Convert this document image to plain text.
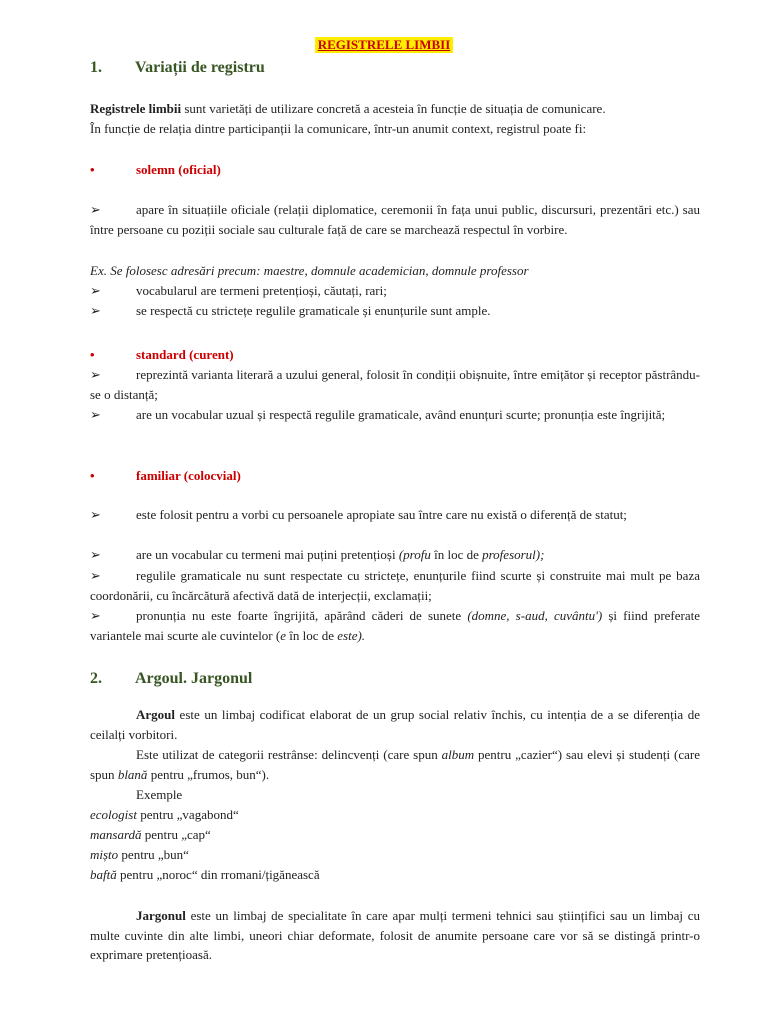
REGISTRELE LIMBII
1. Variații de registru
Registrele limbii sunt varietăți de utilizare concretă a acesteia în funcție de situația de comunicare.
În funcție de relația dintre participanții la comunicare, într-un anumit context, registrul poate fi:
•	solemn (oficial)
➢	apare în situațiile oficiale (relații diplomatice, ceremonii în fața unui public, discursuri, prezentări etc.) sau între persoane cu poziții sociale sau culturale față de care se marchează respectul în vorbire.
Ex. Se folosesc adresări precum: maestre, domnule academician, domnule professor
➢	vocabularul are termeni pretențioși, căutați, rari;
➢	se respectă cu strictețe regulile gramaticale și enunțurile sunt ample.
•	standard (curent)
➢	reprezintă varianta literară a uzului general, folosit în condiții obișnuite, între emițător și receptor păstrându-se o distanță;
➢	are un vocabular uzual și respectă regulile gramaticale, având enunțuri scurte; pronunția este îngrijită;
•	familiar (colocvial)
➢	este folosit pentru a vorbi cu persoanele apropiate sau între care nu există o diferență de statut;
➢	are un vocabular cu termeni mai puțini pretențioși (profu în loc de profesorul);
➢	regulile gramaticale nu sunt respectate cu strictețe, enunțurile fiind scurte și construite mai mult pe baza coordonării, cu încărcătură afectivă dată de interjecții, exclamații;
➢	pronunția nu este foarte îngrijită, apărând căderi de sunete (domne, s-aud, cuvântu') și fiind preferate variantele mai scurte ale cuvintelor (e în loc de este).
2. Argoul. Jargonul
Argoul este un limbaj codificat elaborat de un grup social relativ închis, cu intenția de a se diferenția de ceilalți vorbitori.
Este utilizat de categorii restrânse: delincvenți (care spun album pentru „cazier“) sau elevi și studenți (care spun blană pentru „frumos, bun“).
Exemple
ecologist pentru „vagabond“
mansardă pentru „cap“
mișto pentru „bun“
baftă pentru „noroc“ din rromani/țigănească
Jargonul este un limbaj de specialitate în care apar mulți termeni tehnici sau științifici sau un limbaj cu multe cuvinte din alte limbi, uneori chiar deformate, folosit de anumite persoane care vor să se distingă printr-o exprimare pretențioasă.
